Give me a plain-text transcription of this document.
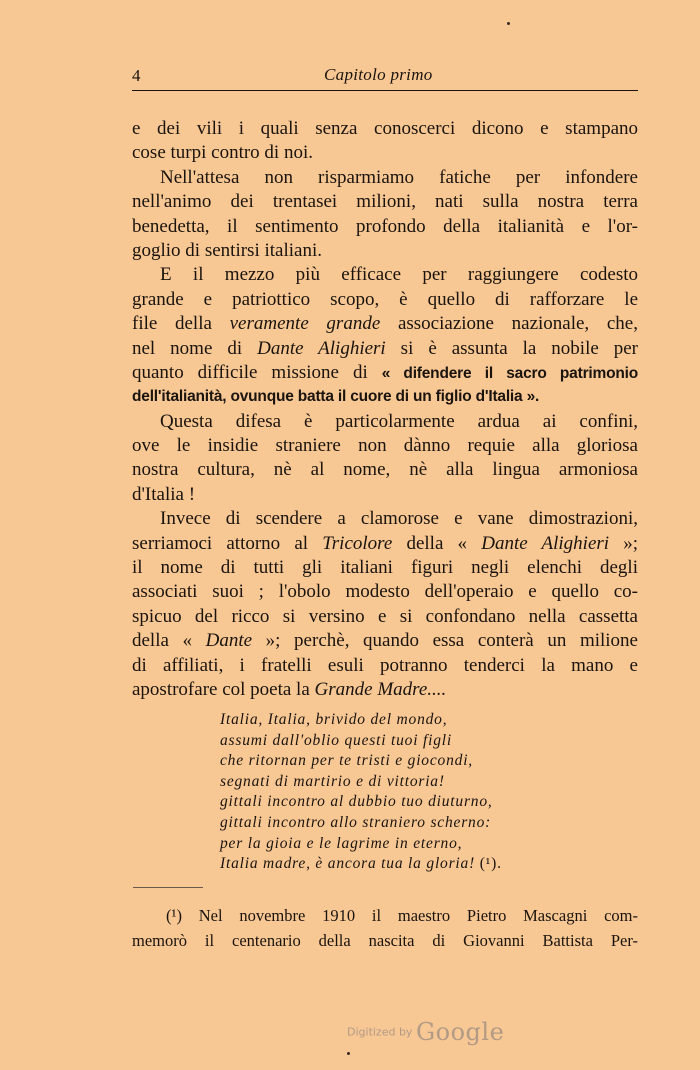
4	Capitolo primo
e dei vili i quali senza conoscerci dicono e stampano
cose turpi contro di noi.
Nell'attesa non risparmiamo fatiche per infondere
nell'animo dei trentasei milioni, nati sulla nostra terra
benedetta, il sentimento profondo della italianità e l'or-
goglio di sentirsi italiani.
E il mezzo più efficace per raggiungere codesto
grande e patriottico scopo, è quello di rafforzare le
file della veramente grande associazione nazionale, che,
nel nome di Dante Alighieri si è assunta la nobile per
quanto difficile missione di « difendere il sacro patrimonio
dell'italianità, ovunque batta il cuore di un figlio d'Italia ».
Questa difesa è particolarmente ardua ai confini,
ove le insidie straniere non dànno requie alla gloriosa
nostra cultura, nè al nome, nè alla lingua armoniosa
d'Italia !
Invece di scendere a clamorose e vane dimostrazioni,
serriamoci attorno al Tricolore della « Dante Alighieri »;
il nome di tutti gli italiani figuri negli elenchi degli
associati suoi ; l'obolo modesto dell'operaio e quello co-
spicuo del ricco si versino e si confondano nella cassetta
della « Dante »; perchè, quando essa conterà un milione
di affiliati, i fratelli esuli potranno tenderci la mano e
apostrofare col poeta la Grande Madre....
Italia, Italia, brivido del mondo,
assumi dall'oblio questi tuoi figli
che ritornan per te tristi e giocondi,
segnati di martirio e di vittoria!
gittali incontro al dubbio tuo diuturno,
gittali incontro allo straniero scherno:
per la gioia e le lagrime in eterno,
Italia madre, è ancora tua la gloria! (¹).
(¹) Nel novembre 1910 il maestro Pietro Mascagni com-
memorò il centenario della nascita di Giovanni Battista Per-
Digitized by Google
